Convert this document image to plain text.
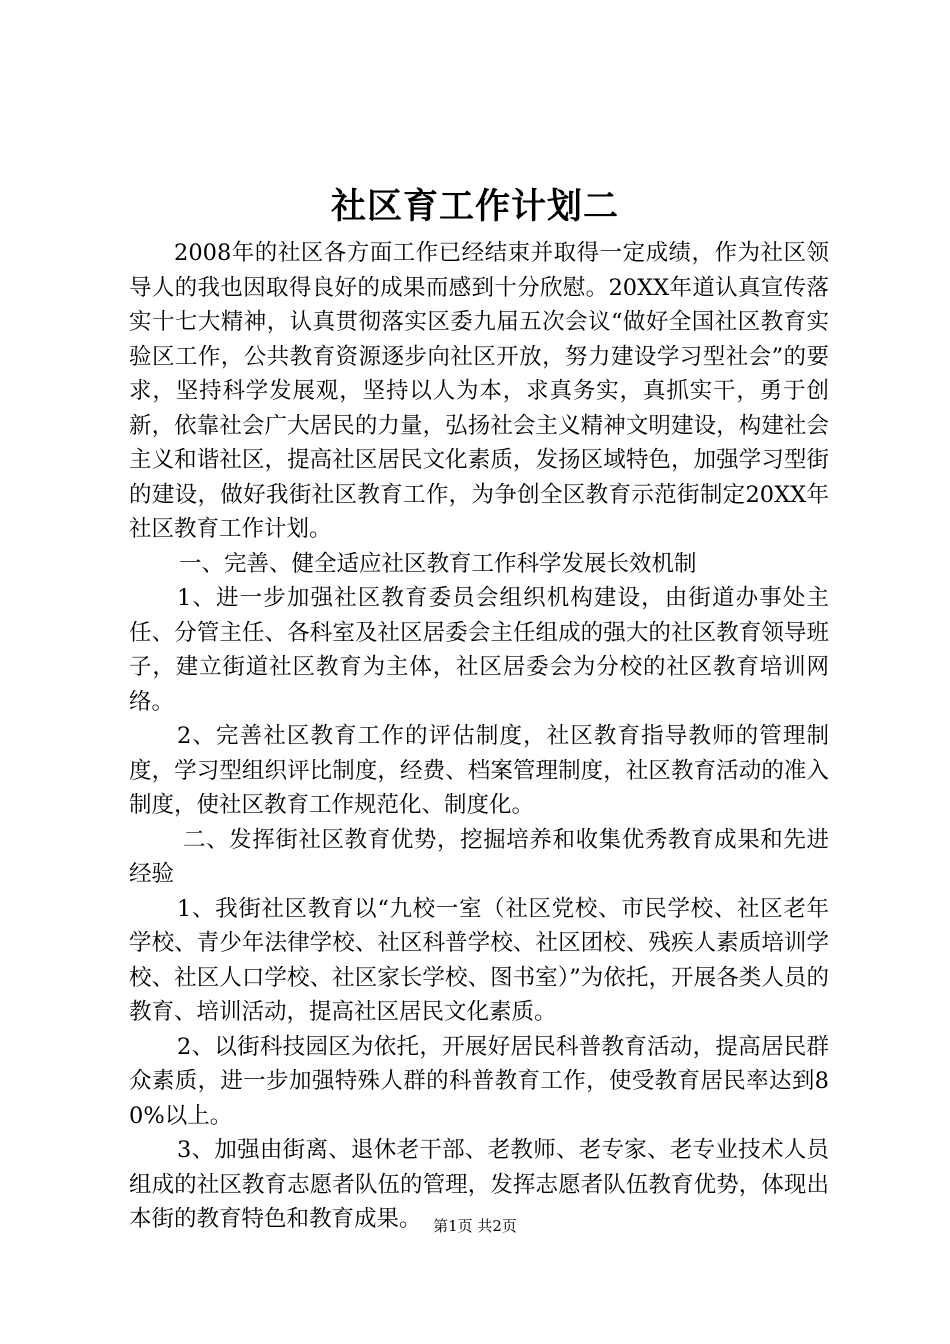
社区育工作计划二

2008年的社区各方面工作已经结束并取得一定成绩，作为社区领导人的我也因取得良好的成果而感到十分欣慰。20XX年道认真宣传落实十七大精神，认真贯彻落实区委九届五次会议“做好全国社区教育实验区工作，公共教育资源逐步向社区开放，努力建设学习型社会”的要求，坚持科学发展观，坚持以人为本，求真务实，真抓实干，勇于创新，依靠社会广大居民的力量，弘扬社会主义精神文明建设，构建社会主义和谐社区，提高社区居民文化素质，发扬区域特色，加强学习型街的建设，做好我街社区教育工作，为争创全区教育示范街制定20XX年社区教育工作计划。

一、完善、健全适应社区教育工作科学发展长效机制

1、进一步加强社区教育委员会组织机构建设，由街道办事处主任、分管主任、各科室及社区居委会主任组成的强大的社区教育领导班子，建立街道社区教育为主体，社区居委会为分校的社区教育培训网络。

2、完善社区教育工作的评估制度，社区教育指导教师的管理制度，学习型组织评比制度，经费、档案管理制度，社区教育活动的准入制度，使社区教育工作规范化、制度化。

二、发挥街社区教育优势，挖掘培养和收集优秀教育成果和先进经验

1、我街社区教育以“九校一室（社区党校、市民学校、社区老年学校、青少年法律学校、社区科普学校、社区团校、残疾人素质培训学校、社区人口学校、社区家长学校、图书室）”为依托，开展各类人员的教育、培训活动，提高社区居民文化素质。

2、以街科技园区为依托，开展好居民科普教育活动，提高居民群众素质，进一步加强特殊人群的科普教育工作，使受教育居民率达到80%以上。

3、加强由街离、退休老干部、老教师、老专家、老专业技术人员组成的社区教育志愿者队伍的管理，发挥志愿者队伍教育优势，体现出本街的教育特色和教育成果。 第1页 共2页
